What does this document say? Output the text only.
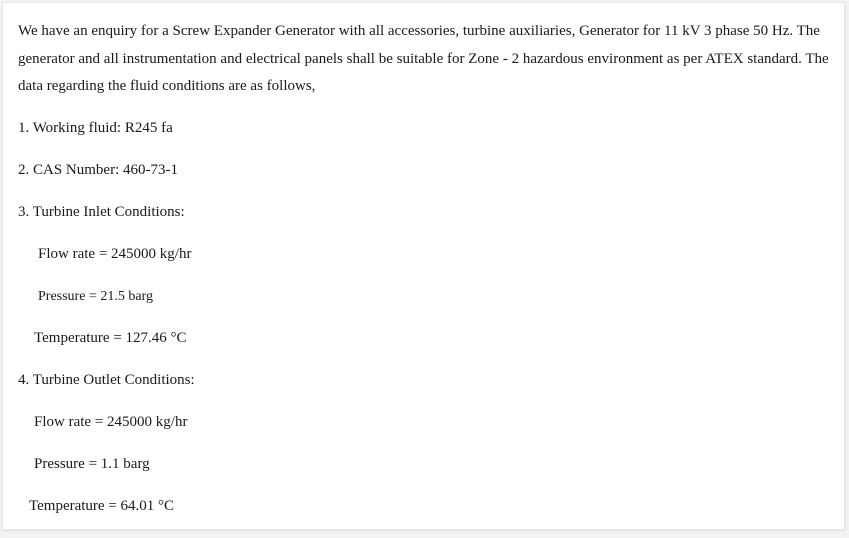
We have an enquiry for a Screw Expander Generator with all accessories, turbine auxiliaries, Generator for 11 kV 3 phase 50 Hz. The generator and all instrumentation and electrical panels shall be suitable for Zone - 2 hazardous environment as per ATEX standard. The data regarding the fluid conditions are as follows,

1. Working fluid: R245 fa

2. CAS Number: 460-73-1

3. Turbine Inlet Conditions:

Flow rate = 245000 kg/hr

Pressure = 21.5 barg

Temperature = 127.46 °C

4. Turbine Outlet Conditions:

Flow rate = 245000 kg/hr

Pressure = 1.1 barg

Temperature = 64.01 °C
